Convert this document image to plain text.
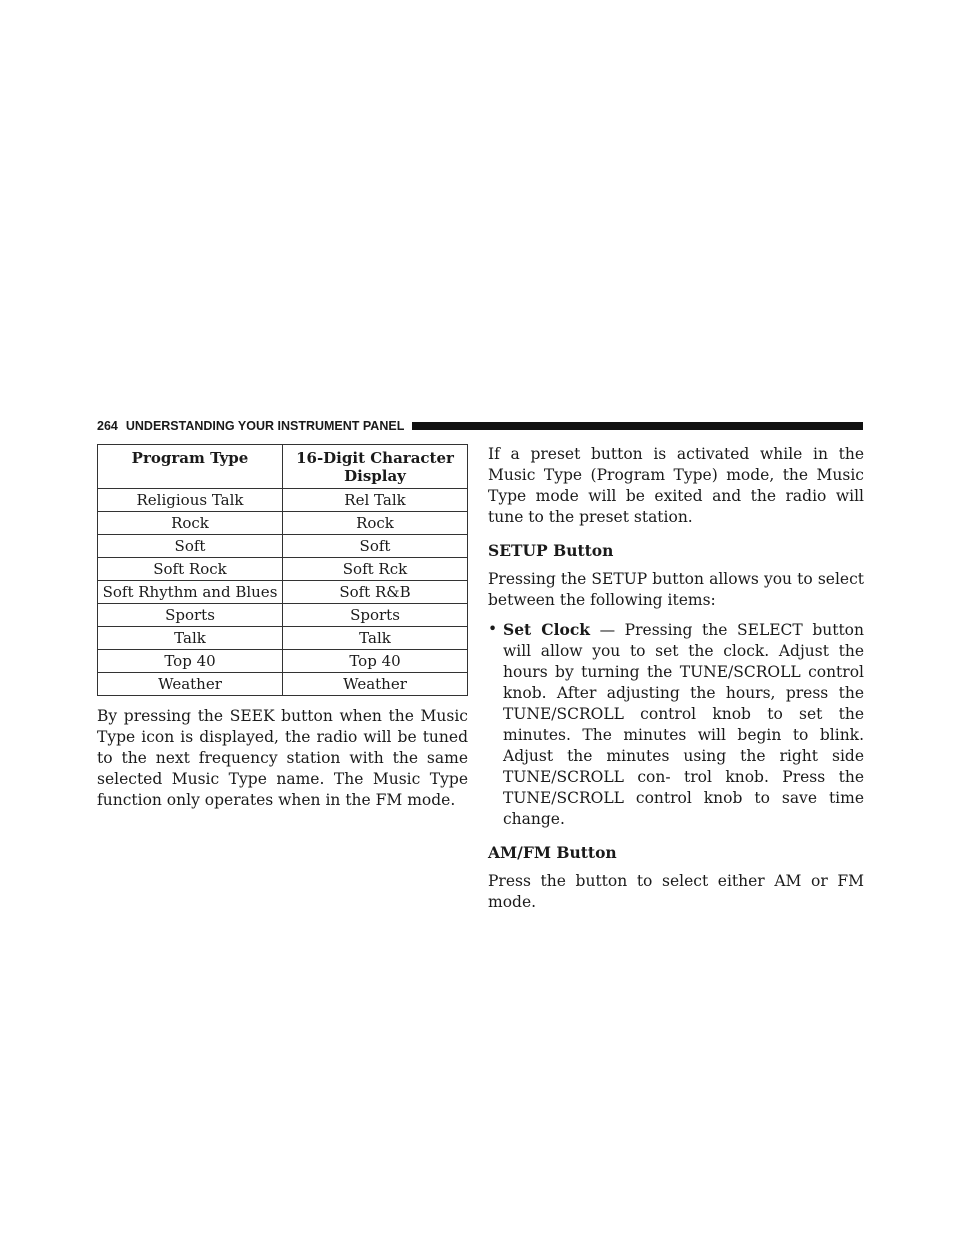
264 UNDERSTANDING YOUR INSTRUMENT PANEL
Program Type	16-Digit Character Display
Religious Talk	Rel Talk
Rock	Rock
Soft	Soft
Soft Rock	Soft Rck
Soft Rhythm and Blues	Soft R&B
Sports	Sports
Talk	Talk
Top 40	Top 40
Weather	Weather

By pressing the SEEK button when the Music Type icon is displayed, the radio will be tuned to the next frequency station with the same selected Music Type name. The Music Type function only operates when in the FM mode.

If a preset button is activated while in the Music Type (Program Type) mode, the Music Type mode will be exited and the radio will tune to the preset station.

SETUP Button

Pressing the SETUP button allows you to select between the following items:

• Set Clock — Pressing the SELECT button will allow you to set the clock. Adjust the hours by turning the TUNE/SCROLL control knob. After adjusting the hours, press the TUNE/SCROLL control knob to set the minutes. The minutes will begin to blink. Adjust the minutes using the right side TUNE/SCROLL con- trol knob. Press the TUNE/SCROLL control knob to save time change.
AM/FM Button

Press the button to select either AM or FM mode.
